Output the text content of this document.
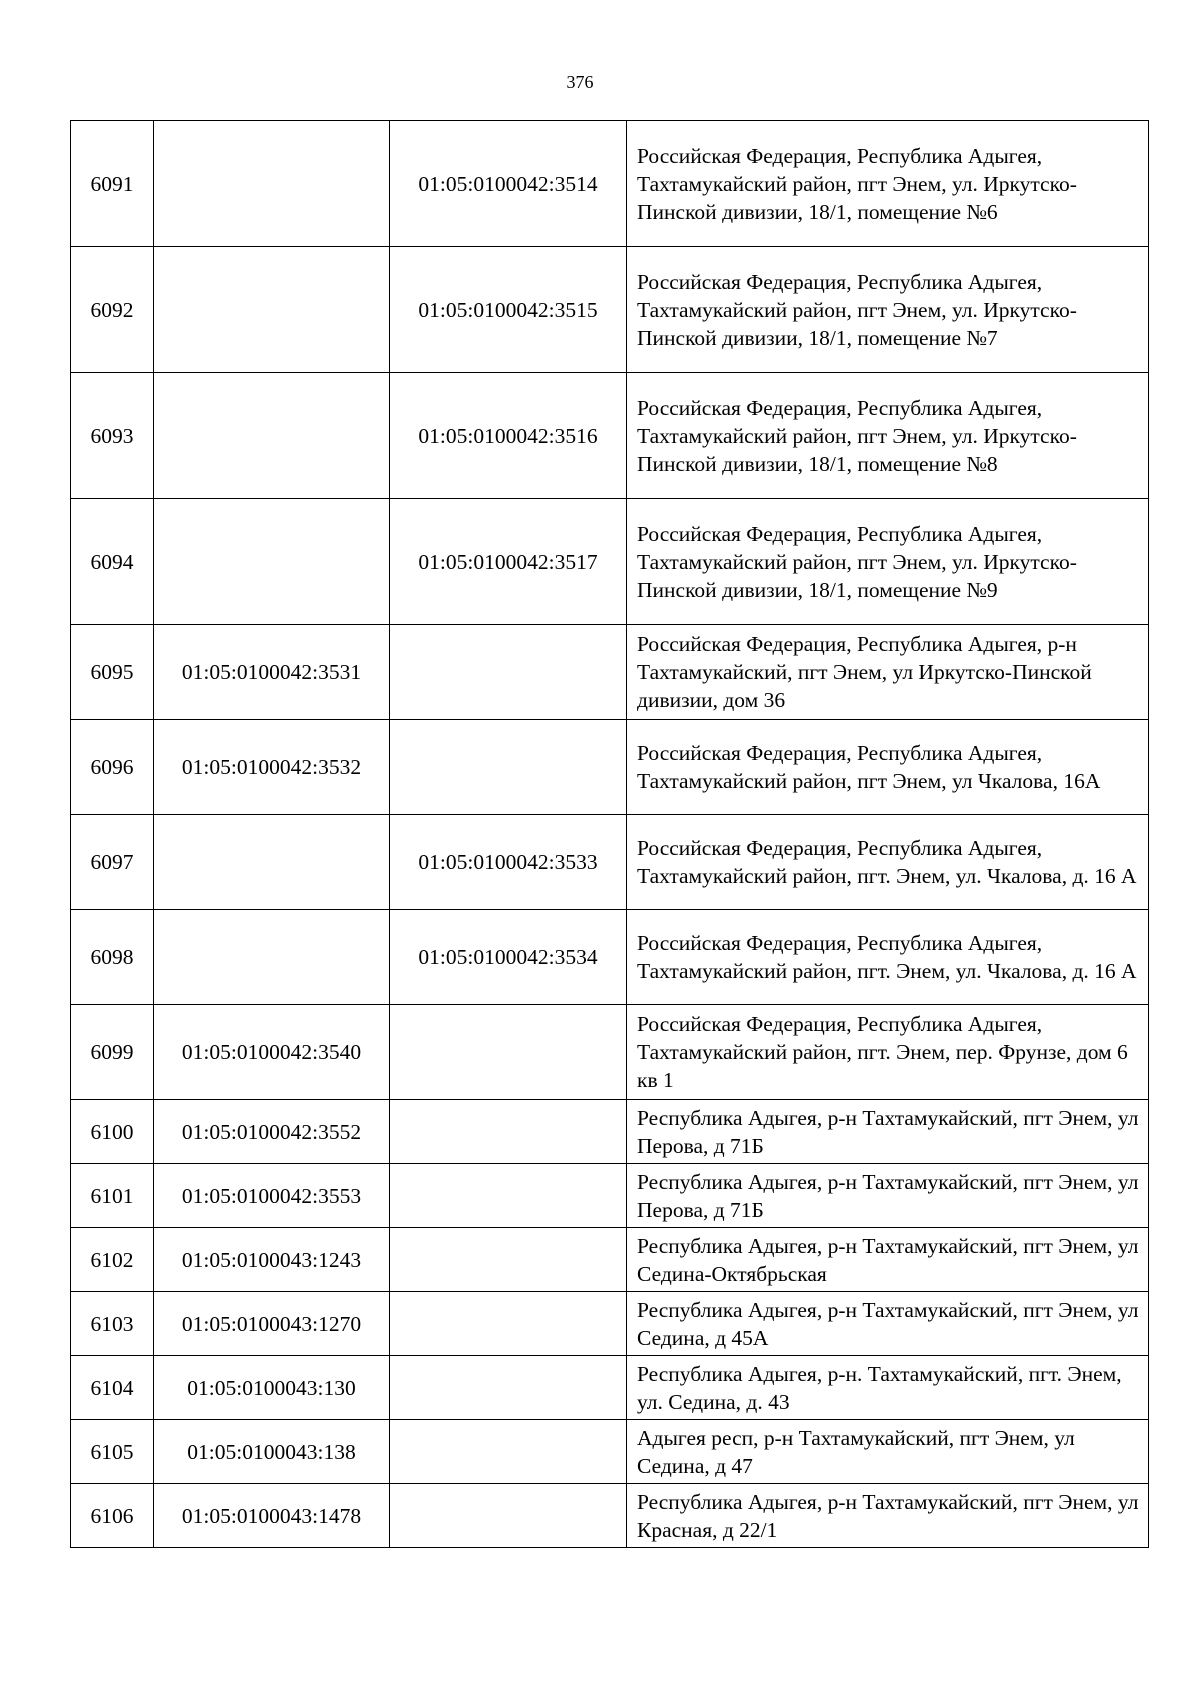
376
6091		01:05:0100042:3514	Российская Федерация, Республика Адыгея, Тахтамукайский район, пгт Энем, ул. Иркутско-Пинской дивизии, 18/1, помещение №6
6092		01:05:0100042:3515	Российская Федерация, Республика Адыгея, Тахтамукайский район, пгт Энем, ул. Иркутско-Пинской дивизии, 18/1, помещение №7
6093		01:05:0100042:3516	Российская Федерация, Республика Адыгея, Тахтамукайский район, пгт Энем, ул. Иркутско-Пинской дивизии, 18/1, помещение №8
6094		01:05:0100042:3517	Российская Федерация, Республика Адыгея, Тахтамукайский район, пгт Энем, ул. Иркутско-Пинской дивизии, 18/1, помещение №9
6095	01:05:0100042:3531		Российская Федерация, Республика Адыгея, р-н Тахтамукайский, пгт Энем, ул Иркутско-Пинской дивизии, дом 36
6096	01:05:0100042:3532		Российская Федерация, Республика Адыгея, Тахтамукайский район, пгт Энем, ул Чкалова, 16А
6097		01:05:0100042:3533	Российская Федерация, Республика Адыгея, Тахтамукайский район, пгт. Энем, ул. Чкалова, д. 16 А
6098		01:05:0100042:3534	Российская Федерация, Республика Адыгея, Тахтамукайский район, пгт. Энем, ул. Чкалова, д. 16 А
6099	01:05:0100042:3540		Российская Федерация, Республика Адыгея, Тахтамукайский район, пгт. Энем, пер. Фрунзе, дом 6 кв 1
6100	01:05:0100042:3552		Республика Адыгея, р-н Тахтамукайский, пгт Энем, ул Перова, д 71Б
6101	01:05:0100042:3553		Республика Адыгея, р-н Тахтамукайский, пгт Энем, ул Перова, д 71Б
6102	01:05:0100043:1243		Республика Адыгея, р-н Тахтамукайский, пгт Энем, ул Седина-Октябрьская
6103	01:05:0100043:1270		Республика Адыгея, р-н Тахтамукайский, пгт Энем, ул Седина, д 45А
6104	01:05:0100043:130		Республика Адыгея, р-н. Тахтамукайский, пгт. Энем, ул. Седина, д. 43
6105	01:05:0100043:138		Адыгея респ, р-н Тахтамукайский, пгт Энем, ул Седина, д 47
6106	01:05:0100043:1478		Республика Адыгея, р-н Тахтамукайский, пгт Энем, ул Красная, д 22/1
